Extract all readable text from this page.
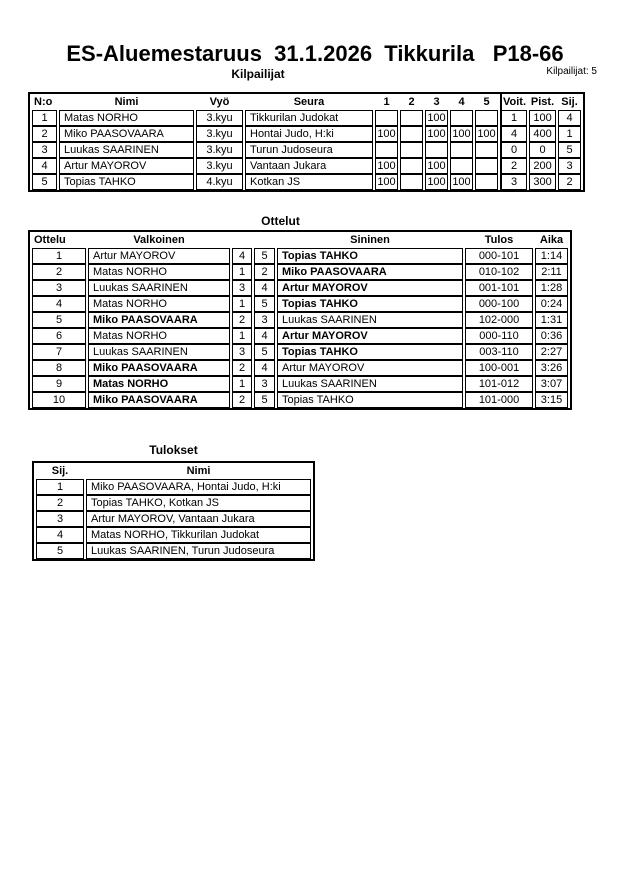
ES-Aluemestaruus  31.1.2026  Tikkurila   P18-66
Kilpailijat	Kilpailijat: 5
N:o	Nimi	Vyö	Seura	1	2	3	4	5	Voit.	Pist.	Sij.
1	Matas NORHO	3.kyu	Tikkurilan Judokat			100			1	100	4
2	Miko PAASOVAARA	3.kyu	Hontai Judo, H:ki	100		100	100	100	4	400	1
3	Luukas SAARINEN	3.kyu	Turun Judoseura						0	0	5
4	Artur MAYOROV	3.kyu	Vantaan Jukara	100		100			2	200	3
5	Topias TAHKO	4.kyu	Kotkan JS	100		100	100		3	300	2
Ottelut
Ottelu	Valkoinen			Sininen	Tulos	Aika
1	Artur MAYOROV	4	5	Topias TAHKO	000-101	1:14
2	Matas NORHO	1	2	Miko PAASOVAARA	010-102	2:11
3	Luukas SAARINEN	3	4	Artur MAYOROV	001-101	1:28
4	Matas NORHO	1	5	Topias TAHKO	000-100	0:24
5	Miko PAASOVAARA	2	3	Luukas SAARINEN	102-000	1:31
6	Matas NORHO	1	4	Artur MAYOROV	000-110	0:36
7	Luukas SAARINEN	3	5	Topias TAHKO	003-110	2:27
8	Miko PAASOVAARA	2	4	Artur MAYOROV	100-001	3:26
9	Matas NORHO	1	3	Luukas SAARINEN	101-012	3:07
10	Miko PAASOVAARA	2	5	Topias TAHKO	101-000	3:15
Tulokset
Sij.	Nimi
1	Miko PAASOVAARA, Hontai Judo, H:ki
2	Topias TAHKO, Kotkan JS
3	Artur MAYOROV, Vantaan Jukara
4	Matas NORHO, Tikkurilan Judokat
5	Luukas SAARINEN, Turun Judoseura
